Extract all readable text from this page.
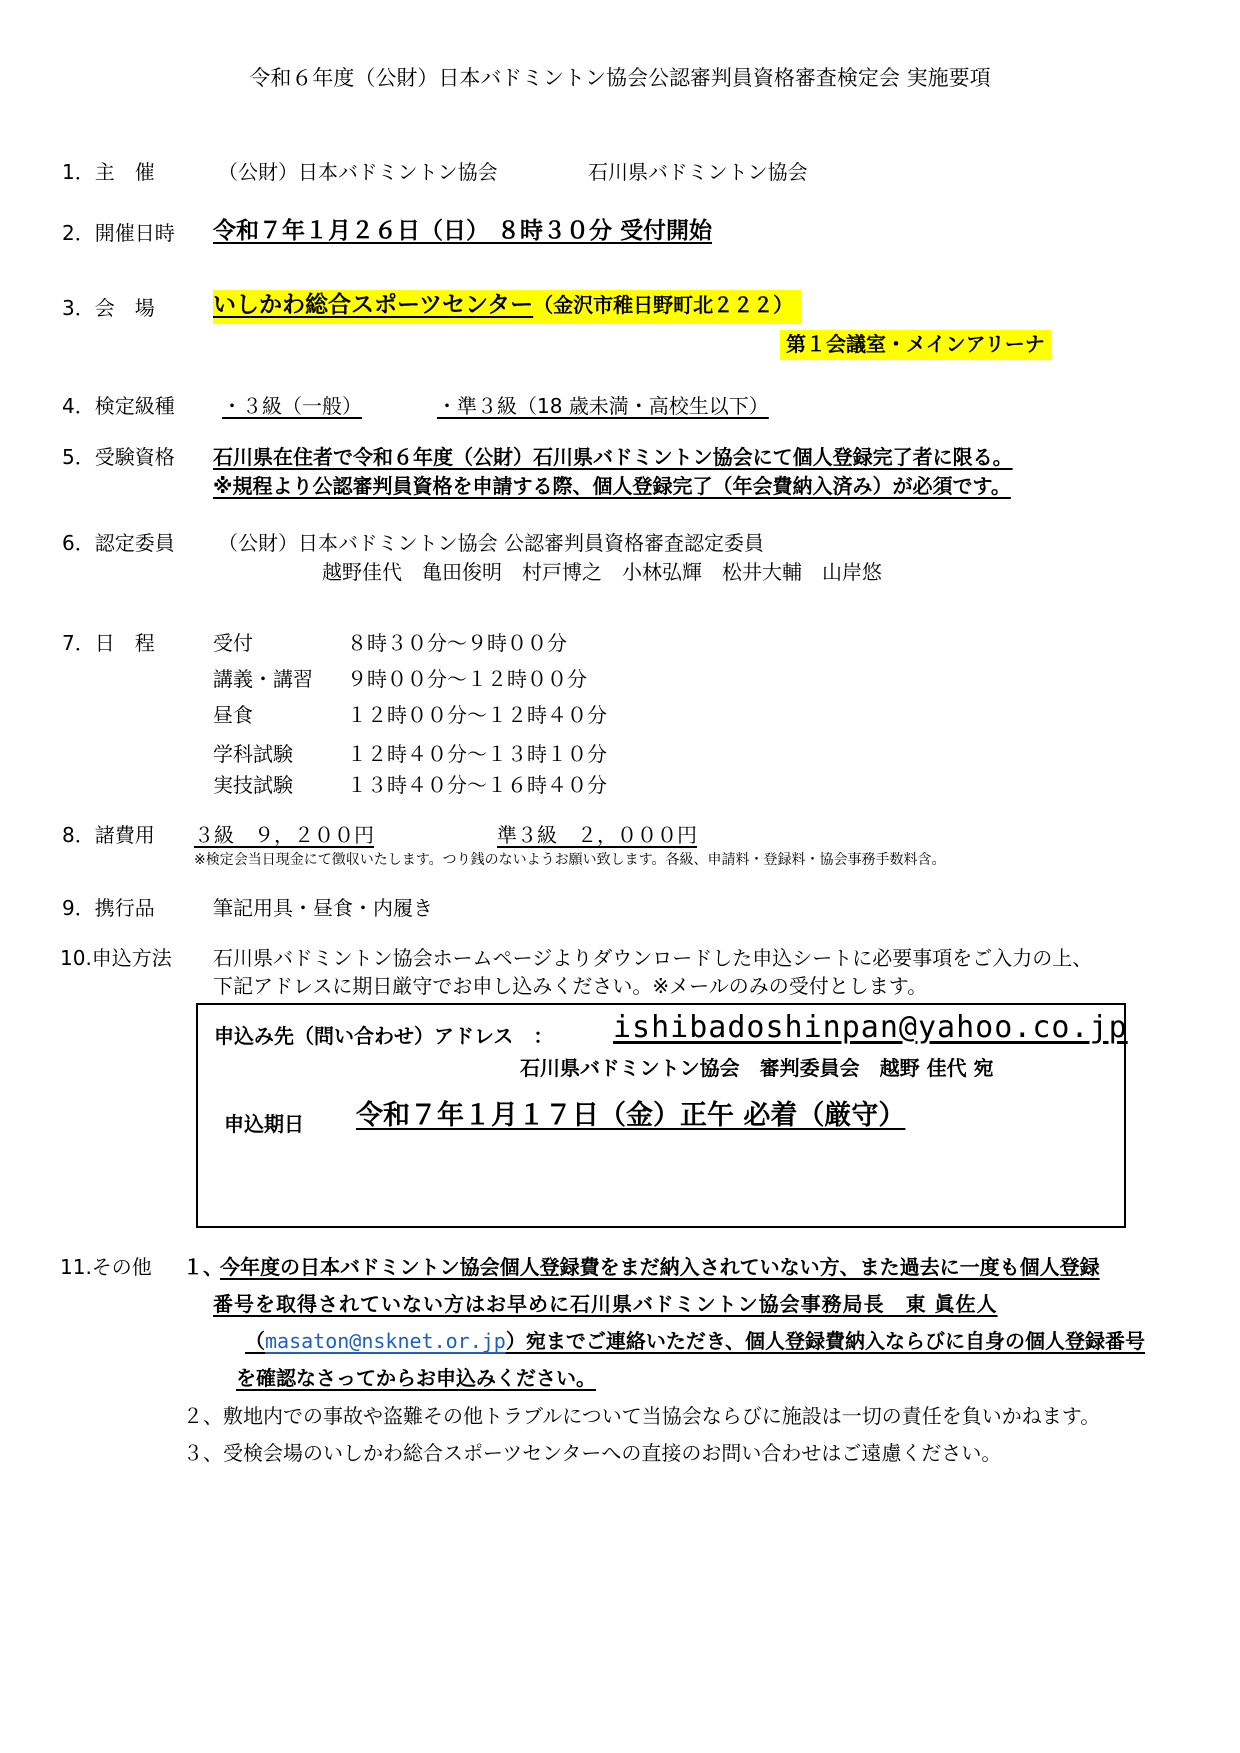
令和６年度（公財）日本バドミントン協会公認審判員資格審査検定会 実施要項
1．主　催	（公財）日本バドミントン協会	石川県バドミントン協会
2．開催日時 令和７年１月２６日（日） ８時３０分 受付開始
3．会　場	いしかわ総合スポーツセンター（金沢市稚日野町北２２２）
第１会議室・メインアリーナ
4．検定級種 ・３級（一般）	・準３級（18 歳未満・高校生以下）
5．受験資格 石川県在住者で令和６年度（公財）石川県バドミントン協会にて個人登録完了者に限る。
※規程より公認審判員資格を申請する際、個人登録完了（年会費納入済み）が必須です。
6．認定委員 （公財）日本バドミントン協会 公認審判員資格審査認定委員
越野佳代　亀田俊明　村戸博之　小林弘輝　松井大輔　山岸悠
7．日　程	受付	８時３０分～９時００分
講義・講習 ９時００分～１２時００分
昼食	１２時００分～１２時４０分
学科試験	１２時４０分～１３時１０分
実技試験	１３時４０分～１６時４０分
8．諸費用 ３級　９，２００円	準３級　２，０００円
※検定会当日現金にて徴収いたします。つり銭のないようお願い致します。各級、申請料・登録料・協会事務手数料含。
9．携行品	筆記用具・昼食・内履き
10.申込方法 石川県バドミントン協会ホームページよりダウンロードした申込シートに必要事項をご入力の上、
下記アドレスに期日厳守でお申し込みください。※メールのみの受付とします。
申込み先（問い合わせ）アドレス　： ishibadoshinpan@yahoo.co.jp
石川県バドミントン協会　審判委員会　越野 佳代 宛
申込期日 令和７年１月１７日（金）正午 必着（厳守）
11.その他 １、
今年度の日本バドミントン協会個人登録費をまだ納入されていない方、また過去に一度も個人登録
番号を取得されていない方はお早めに石川県バドミントン協会事務局長　東 眞佐人
（masaton@nsknet.or.jp）宛までご連絡いただき、個人登録費納入ならびに自身の個人登録番号
を確認なさってからお申込みください。
２、敷地内での事故や盗難その他トラブルについて当協会ならびに施設は一切の責任を負いかねます。
３、受検会場のいしかわ総合スポーツセンターへの直接のお問い合わせはご遠慮ください。
